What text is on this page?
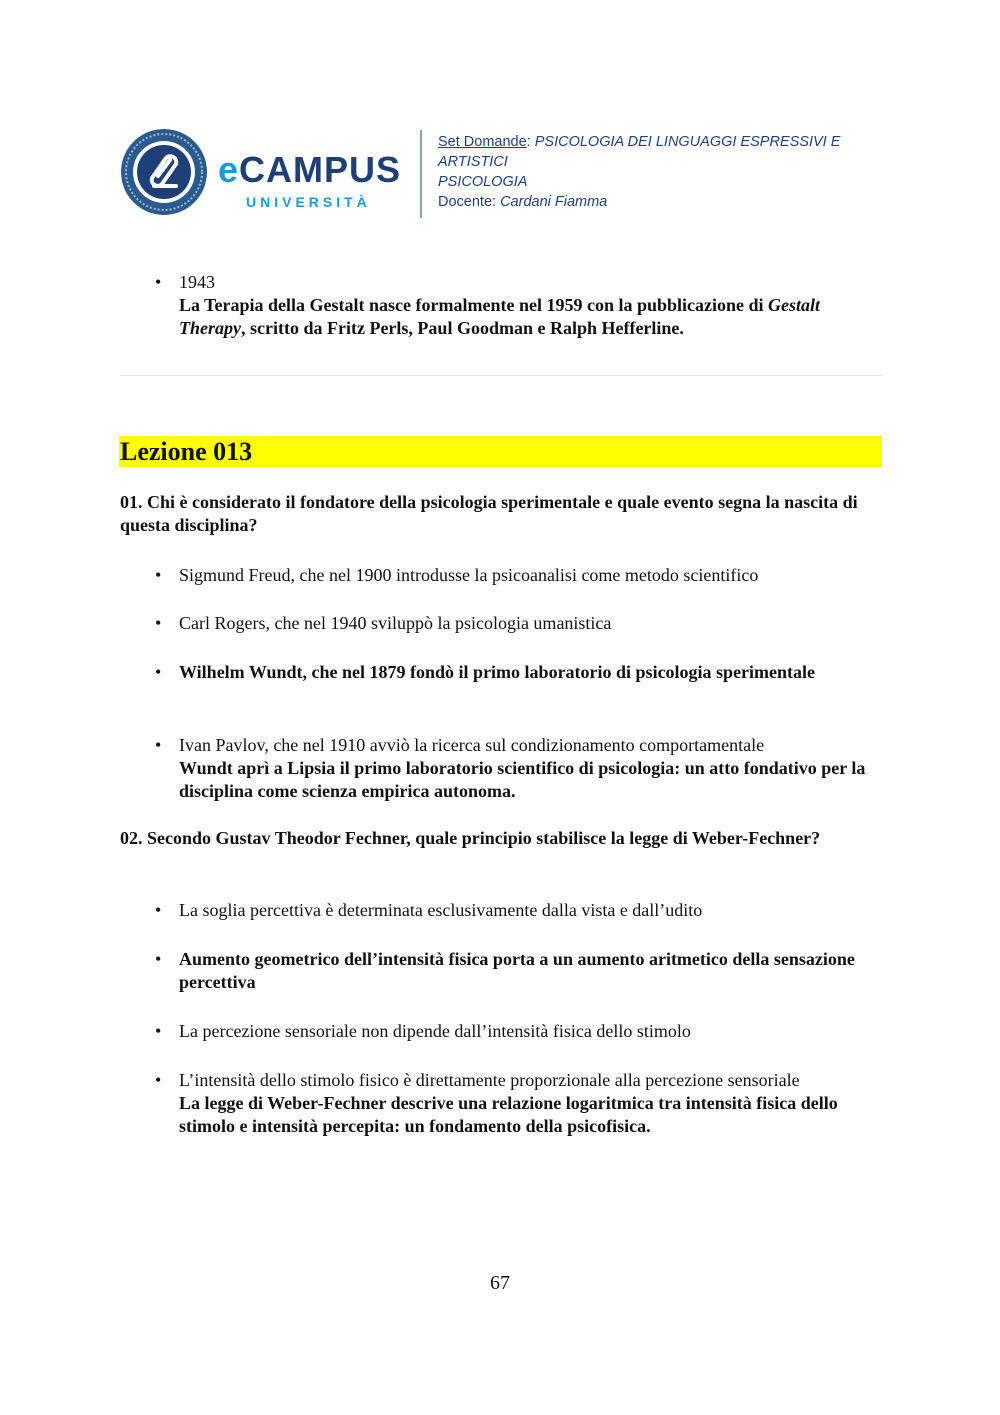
eCAMPUS
UNIVERSITÀ
Set Domande: PSICOLOGIA DEI LINGUAGGI ESPRESSIVI E ARTISTICI
PSICOLOGIA
Docente: Cardani Fiamma
• 1943
La Terapia della Gestalt nasce formalmente nel 1959 con la pubblicazione di Gestalt Therapy, scritto da Fritz Perls, Paul Goodman e Ralph Hefferline.
Lezione 013
01. Chi è considerato il fondatore della psicologia sperimentale e quale evento segna la nascita di questa disciplina?
• Sigmund Freud, che nel 1900 introdusse la psicoanalisi come metodo scientifico
• Carl Rogers, che nel 1940 sviluppò la psicologia umanistica
• Wilhelm Wundt, che nel 1879 fondò il primo laboratorio di psicologia sperimentale
• Ivan Pavlov, che nel 1910 avviò la ricerca sul condizionamento comportamentale
Wundt aprì a Lipsia il primo laboratorio scientifico di psicologia: un atto fondativo per la disciplina come scienza empirica autonoma.
02. Secondo Gustav Theodor Fechner, quale principio stabilisce la legge di Weber-Fechner?
• La soglia percettiva è determinata esclusivamente dalla vista e dall’udito
• Aumento geometrico dell’intensità fisica porta a un aumento aritmetico della sensazione percettiva
• La percezione sensoriale non dipende dall’intensità fisica dello stimolo
• L’intensità dello stimolo fisico è direttamente proporzionale alla percezione sensoriale
La legge di Weber-Fechner descrive una relazione logaritmica tra intensità fisica dello stimolo e intensità percepita: un fondamento della psicofisica.
67
